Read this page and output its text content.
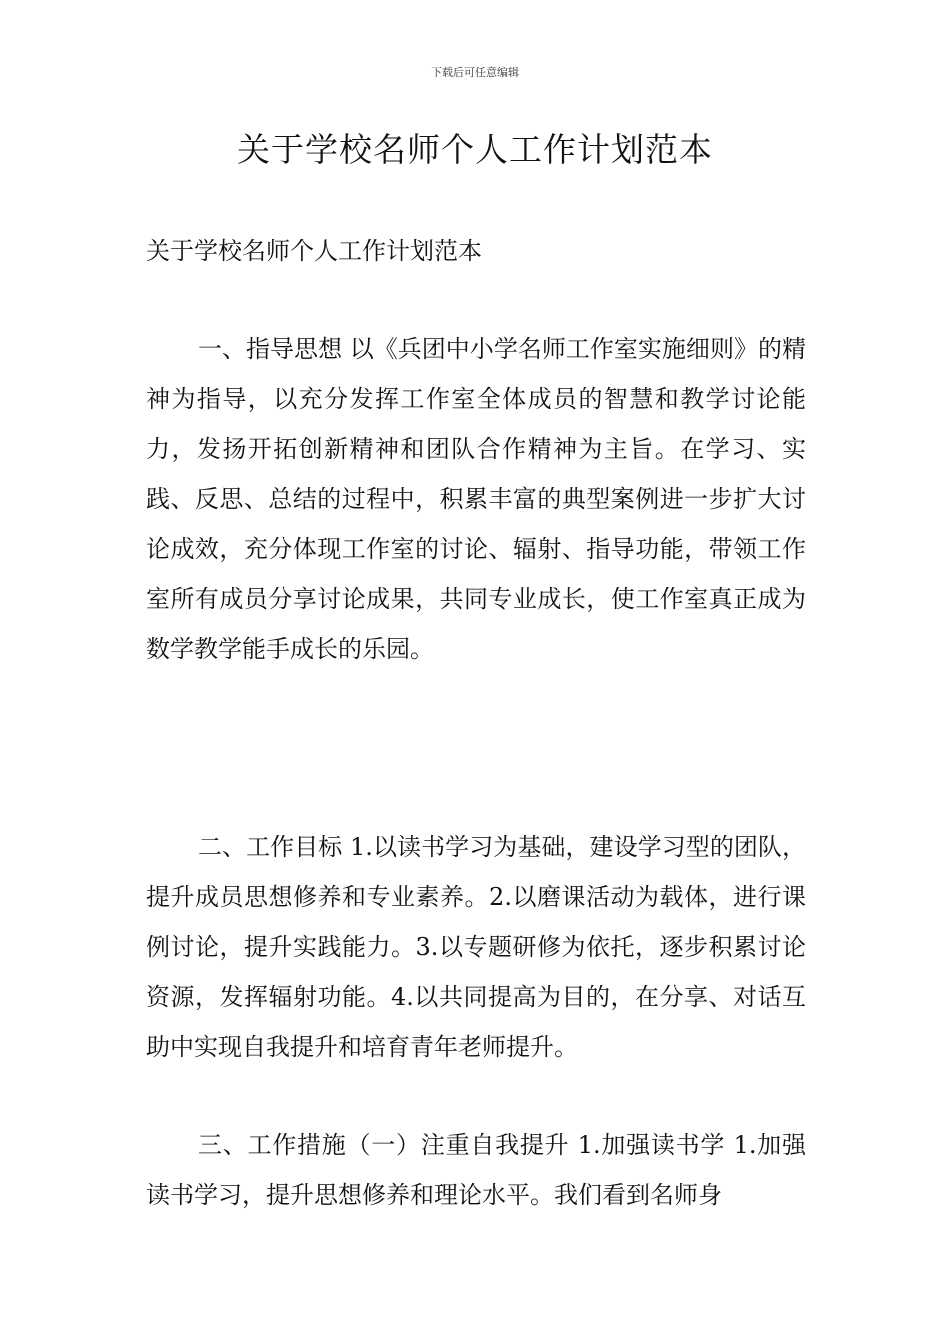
下载后可任意编辑
关于学校名师个人工作计划范本

关于学校名师个人工作计划范本

一、指导思想 以《兵团中小学名师工作室实施细则》的精神为指导，以充分发挥工作室全体成员的智慧和教学讨论能力，发扬开拓创新精神和团队合作精神为主旨。在学习、实践、反思、总结的过程中，积累丰富的典型案例进一步扩大讨论成效，充分体现工作室的讨论、辐射、指导功能，带领工作室所有成员分享讨论成果，共同专业成长，使工作室真正成为数学教学能手成长的乐园。

二、工作目标 1.以读书学习为基础，建设学习型的团队，提升成员思想修养和专业素养。2.以磨课活动为载体，进行课例讨论，提升实践能力。3.以专题研修为依托，逐步积累讨论资源，发挥辐射功能。4.以共同提高为目的，在分享、对话互助中实现自我提升和培育青年老师提升。

三、工作措施（一）注重自我提升 1.加强读书学 1.加强读书学习，提升思想修养和理论水平。我们看到名师身
